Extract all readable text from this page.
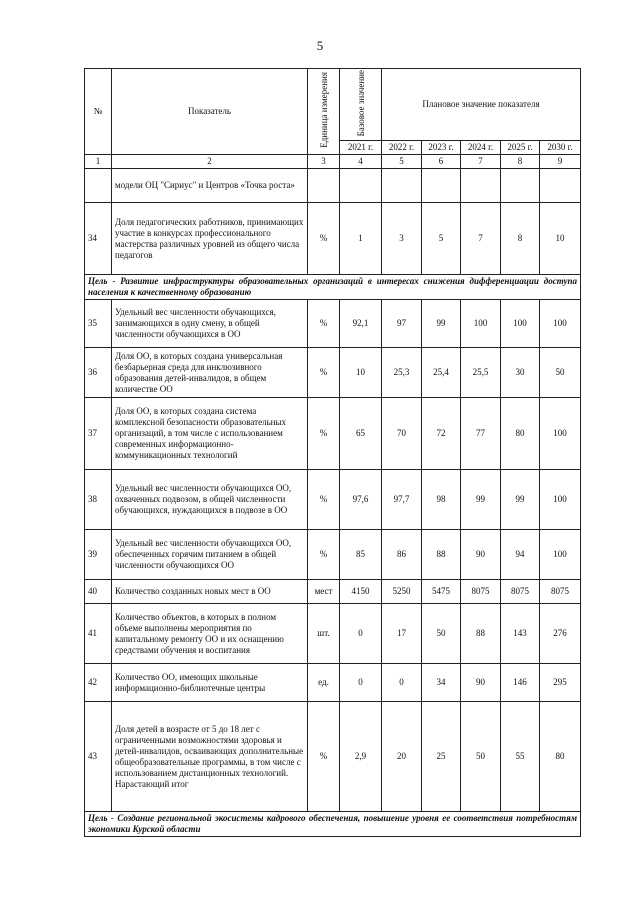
5
№	Показатель	Единица измерения	Базовое значение	Плановое значение показателя				
			2021 г.	2022 г.	2023 г.	2024 г.	2025 г.	2030 г.
1	2	3	4	5	6	7	8	9
	модели ОЦ "Сириус" и Центров «Точка роста»							
34	Доля педагогических работников, принимающих участие в конкурсах профессионального мастерства различных уровней из общего числа педагогов	%	1	3	5	7	8	10
Цель - Развитие инфраструктуры образовательных организаций в интересах снижения дифференциации доступа населения к качественному образованию								
35	Удельный вес численности обучающихся, занимающихся в одну смену, в общей численности обучающихся в ОО	%	92,1	97	99	100	100	100
36	Доля ОО, в которых создана универсальная безбарьерная среда для инклюзивного образования детей-инвалидов, в общем количестве ОО	%	10	25,3	25,4	25,5	30	50
37	Доля ОО, в которых создана система комплексной безопасности образовательных организаций, в том числе с использованием современных информационно-коммуникационных технологий	%	65	70	72	77	80	100
38	Удельный вес численности обучающихся ОО, охваченных подвозом, в общей численности обучающихся, нуждающихся в подвозе в ОО	%	97,6	97,7	98	99	99	100
39	Удельный вес численности обучающихся ОО, обеспеченных горячим питанием в общей численности обучающихся ОО	%	85	86	88	90	94	100
40	Количество созданных новых мест в ОО	мест	4150	5250	5475	8075	8075	8075
41	Количество объектов, в которых в полном объеме выполнены мероприятия по капитальному ремонту ОО и их оснащению средствами обучения и воспитания	шт.	0	17	50	88	143	276
42	Количество ОО, имеющих школьные информационно-библиотечные центры	ед.	0	0	34	90	146	295
43	Доля детей в возрасте от 5 до 18 лет с ограниченными возможностями здоровья и детей-инвалидов, осваивающих дополнительные общеобразовательные программы, в том числе с использованием дистанционных технологий. Нарастающий итог	%	2,9	20	25	50	55	80
Цель - Создание региональной экосистемы кадрового обеспечения, повышение уровня ее соответствия потребностям экономики Курской области								
